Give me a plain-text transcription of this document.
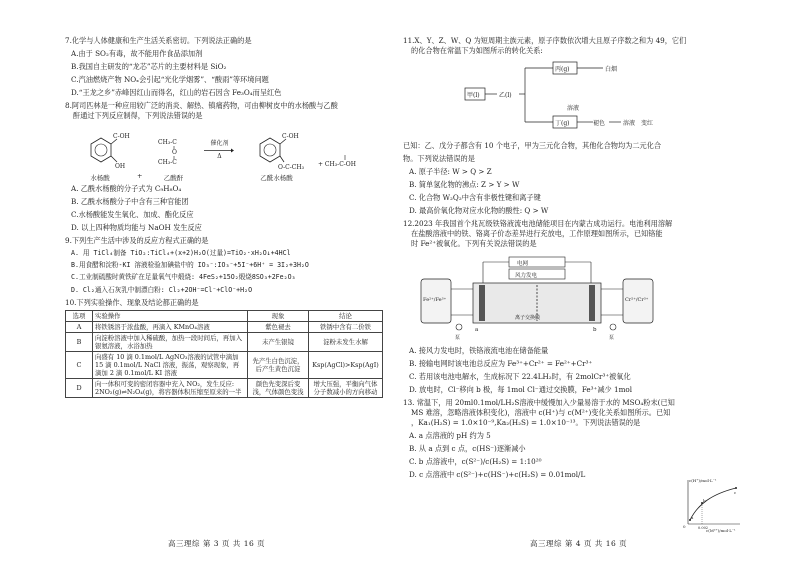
7.化学与人体健康和生产生活关系密切。下列说法正确的是
A.由于 SO₂有毒，故不能用作食品添加剂
B.我国自主研发的“龙芯”芯片的主要材料是 SiO₂
C.汽油燃烧产物 NOₓ会引起“光化学烟雾”、“酸雨”等环境问题
D.“王龙之乡”赤峰因红山而得名，红山的岩石因含 Fe₃O₄而呈红色
8.阿司匹林是一种应用较广泛的消炎、解热、镇痛药物，可由柳树皮中的水杨酸与乙酸
酐通过下列反应制得，下列说法错误的是
C-OH
OH
水杨酸	+
CH₃-C
O
CH₃-C
乙酸酐
催化剂
Δ
C-OH
O-C-CH₃
乙酰水杨酸
+ CH₃-C-OH
A. 乙酰水杨酸的分子式为 C₉H₈O₄
B. 乙酰水杨酸分子中含有三种官能团
C.水杨酸能发生氧化、加成、酯化反应
D. 以上四种物质均能与 NaOH 发生反应
9.下列生产生活中涉及的反应方程式正确的是
A. 用 TiCl₄制备 TiO₂:TiCl₄+(x+2)H₂O(过量)=TiO₂·xH₂O↓+4HCl
B.用食醋和淀粉-KI 溶液检验加碘盐中的 IO₃⁻:IO₃⁻+5I⁻+6H⁺ = 3I₂+3H₂O
C.工业制硫酸时黄铁矿在足量氧气中煅烧: 4FeS₂+15O₂煅烧8SO₃+2Fe₂O₃
D. Cl₂通入石灰乳中制漂白粉: Cl₂+2OH⁻=Cl⁻+ClO⁻+H₂O
10.下列实验操作、现象及结论都正确的是
选项	实验操作	现象	结论
A	将铁锈溶于浓盐酸，再滴入 KMnO₄溶液	紫色褪去	铁锈中含有二价铁
B	向淀粉溶液中加入稀硫酸，加热一段时间后，再加入银氨溶液，水浴加热	未产生银镜	淀粉未发生水解
C	向盛有 10 滴 0.1mol/L AgNO₃溶液的试管中滴加 15 滴 0.1mol/L NaCl 溶液，振荡，观察现象，再滴加 2 滴 0.1mol/L KI 溶液	先产生白色沉淀，后产生黄色沉淀	Ksp(AgCl)>Ksp(AgI)
D	向一体积可变的密闭容器中充入 NO₂，发生反应: 2NO₂(g)⇌N₂O₄(g)，将容器体积压缩至原来的一半	颜色先变深后变浅，气体颜色变浅	增大压强，平衡向气体分子数减小的方向移动
高三理综 第 3 页 共 16 页
11.X、Y、Z、W、Q 为短周期主族元素，原子序数依次增大且原子序数之和为 49，它们
的化合物在常温下为如图所示的转化关系:
甲(l)	乙(l)
丙(g)
丁(g)
白烟
溶液
褪色	溶液 变红
已知：乙、戊分子都含有 10 个电子，甲为三元化合物，其他化合物均为二元化合
物。下列说法错误的是
A. 原子半径: W > Q > Z
B. 简单氢化物的沸点: Z > Y > W
C. 化合物 W₂Q₂中含有非极性键和离子键
D. 最高价氧化物对应水化物的酸性: Q > W
12.2023 年我国首个兆瓦级铁铬液流电池储能项目在内蒙古成功运行。电池利用溶解
在盐酸溶液中的铁、铬离子价态差异进行充放电，工作原理如图所示，已知铬能
时 Fe²⁺被氧化。下列有关说法错误的是
电网
风力发电
Fe²⁺/Fe³⁺	Cr²⁺/Cr³⁺
a	b
离子交换膜
泵	泵
A. 接风力发电时，铁铬液流电池在储备能量
B. 接输电网时该电池总反应为 Fe³⁺+Cr²⁺ = Fe²⁺+Cr³⁺
C. 若用该电池电解水，生成标况下 22.4LH₂时，有 2molCr³⁺被氧化
D. 放电时，Cl⁻移向 b 极，每 1mol Cl⁻通过交换膜，Fe³⁺减少 1mol
13. 常温下，用 20ml0.1mol/LH₂S溶液中缓慢加入少量易溶于水的 MSO₄粉末(已知
MS 难溶，忽略溶液体积变化)，溶液中 c(H⁺)与 c(M²⁺)变化关系如图所示。已知
，Ka₁(H₂S) = 1.0×10⁻⁹,Ka₂(H₂S) = 1.0×10⁻¹³。下列说法错误的是
A. a 点溶液的 pH 约为 5
B. 从 a 点到 c 点，c(HS⁻)逐渐减小
C. b 点溶液中，c(S²⁻)/c(H₂S) = 1:10²⁰
D. c 点溶液中 c(S²⁻)+c(HS⁻)+c(H₂S) = 0.01mol/L
c(H⁺)/mol·L⁻¹
c(M²⁺)/mol·L⁻¹
0	0.002
a
b
c
高三理综 第 4 页 共 16 页
